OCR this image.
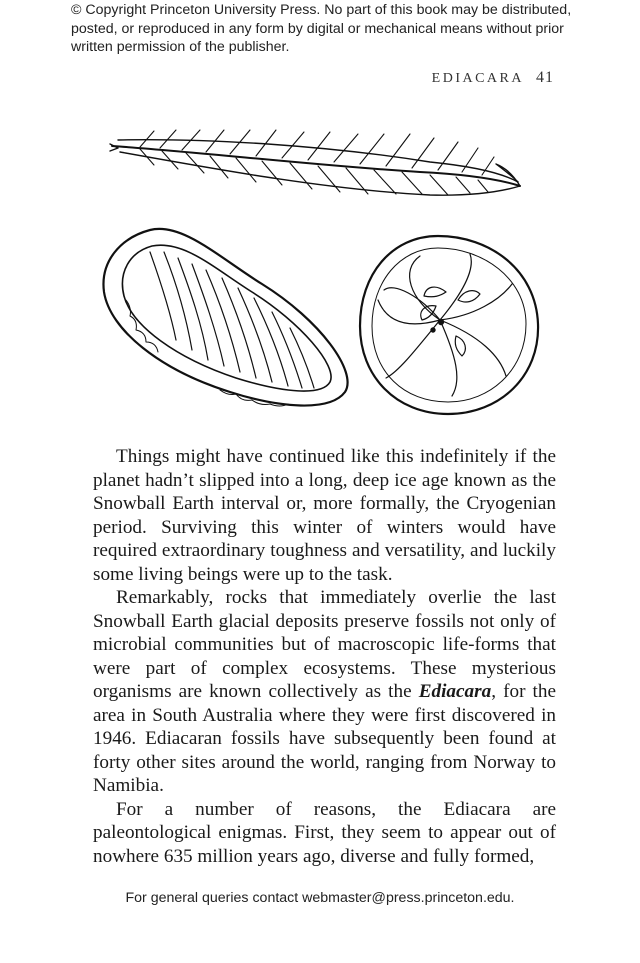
© Copyright Princeton University Press. No part of this book may be distributed, posted, or reproduced in any form by digital or mechanical means without prior written permission of the publisher.
EDIACARA 41

Things might have continued like this indefinitely if the planet hadn’t slipped into a long, deep ice age known as the Snowball Earth interval or, more formally, the Cryogenian period. Surviving this winter of winters would have required extraordinary toughness and versatility, and luckily some living beings were up to the task.

Remarkably, rocks that immediately overlie the last Snowball Earth glacial deposits preserve fossils not only of microbial communities but of macroscopic life-forms that were part of complex ecosystems. These mysterious organisms are known collectively as the Ediacara, for the area in South Australia where they were first discovered in 1946. Ediacaran fossils have subsequently been found at forty other sites around the world, ranging from Norway to Namibia.

For a number of reasons, the Ediacara are paleontological enigmas. First, they seem to appear out of nowhere 635 million years ago, diverse and fully formed,

For general queries contact webmaster@press.princeton.edu.
